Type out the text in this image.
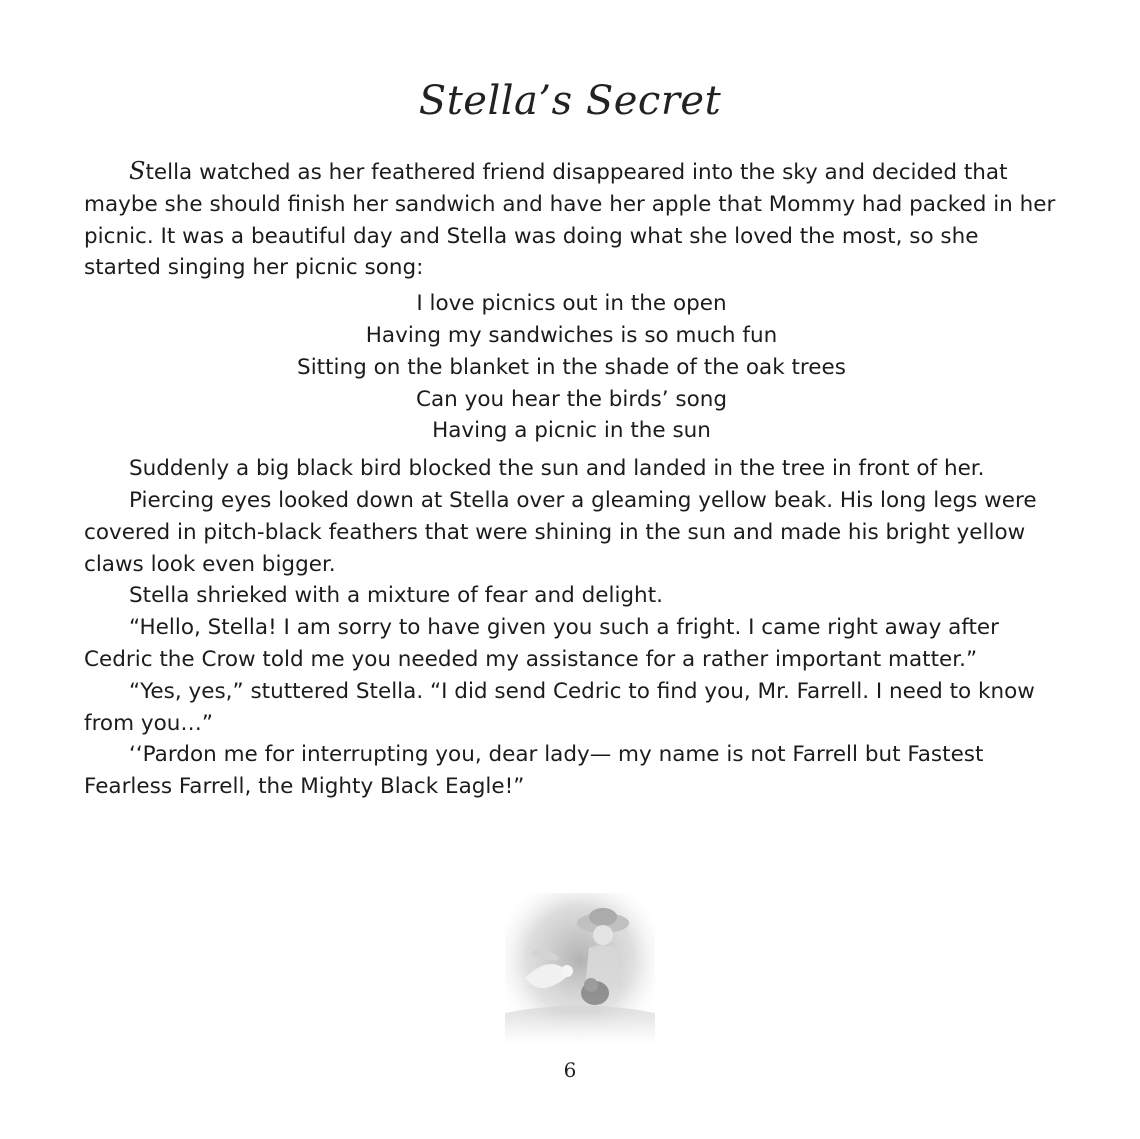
Stella’s Secret

Stella watched as her feathered friend disappeared into the sky and decided that maybe she should finish her sandwich and have her apple that Mommy had packed in her picnic. It was a beautiful day and Stella was doing what she loved the most, so she started singing her picnic song:

I love picnics out in the open
Having my sandwiches is so much fun
Sitting on the blanket in the shade of the oak trees
Can you hear the birds’ song
Having a picnic in the sun

Suddenly a big black bird blocked the sun and landed in the tree in front of her.

Piercing eyes looked down at Stella over a gleaming yellow beak. His long legs were covered in pitch-black feathers that were shining in the sun and made his bright yellow claws look even bigger.

Stella shrieked with a mixture of fear and delight.

“Hello, Stella! I am sorry to have given you such a fright. I came right away after Cedric the Crow told me you needed my assistance for a rather important matter.”

“Yes, yes,” stuttered Stella. “I did send Cedric to find you, Mr. Farrell. I need to know from you…”

‘‘Pardon me for interrupting you, dear lady— my name is not Farrell but Fastest Fearless Farrell, the Mighty Black Eagle!”

6
